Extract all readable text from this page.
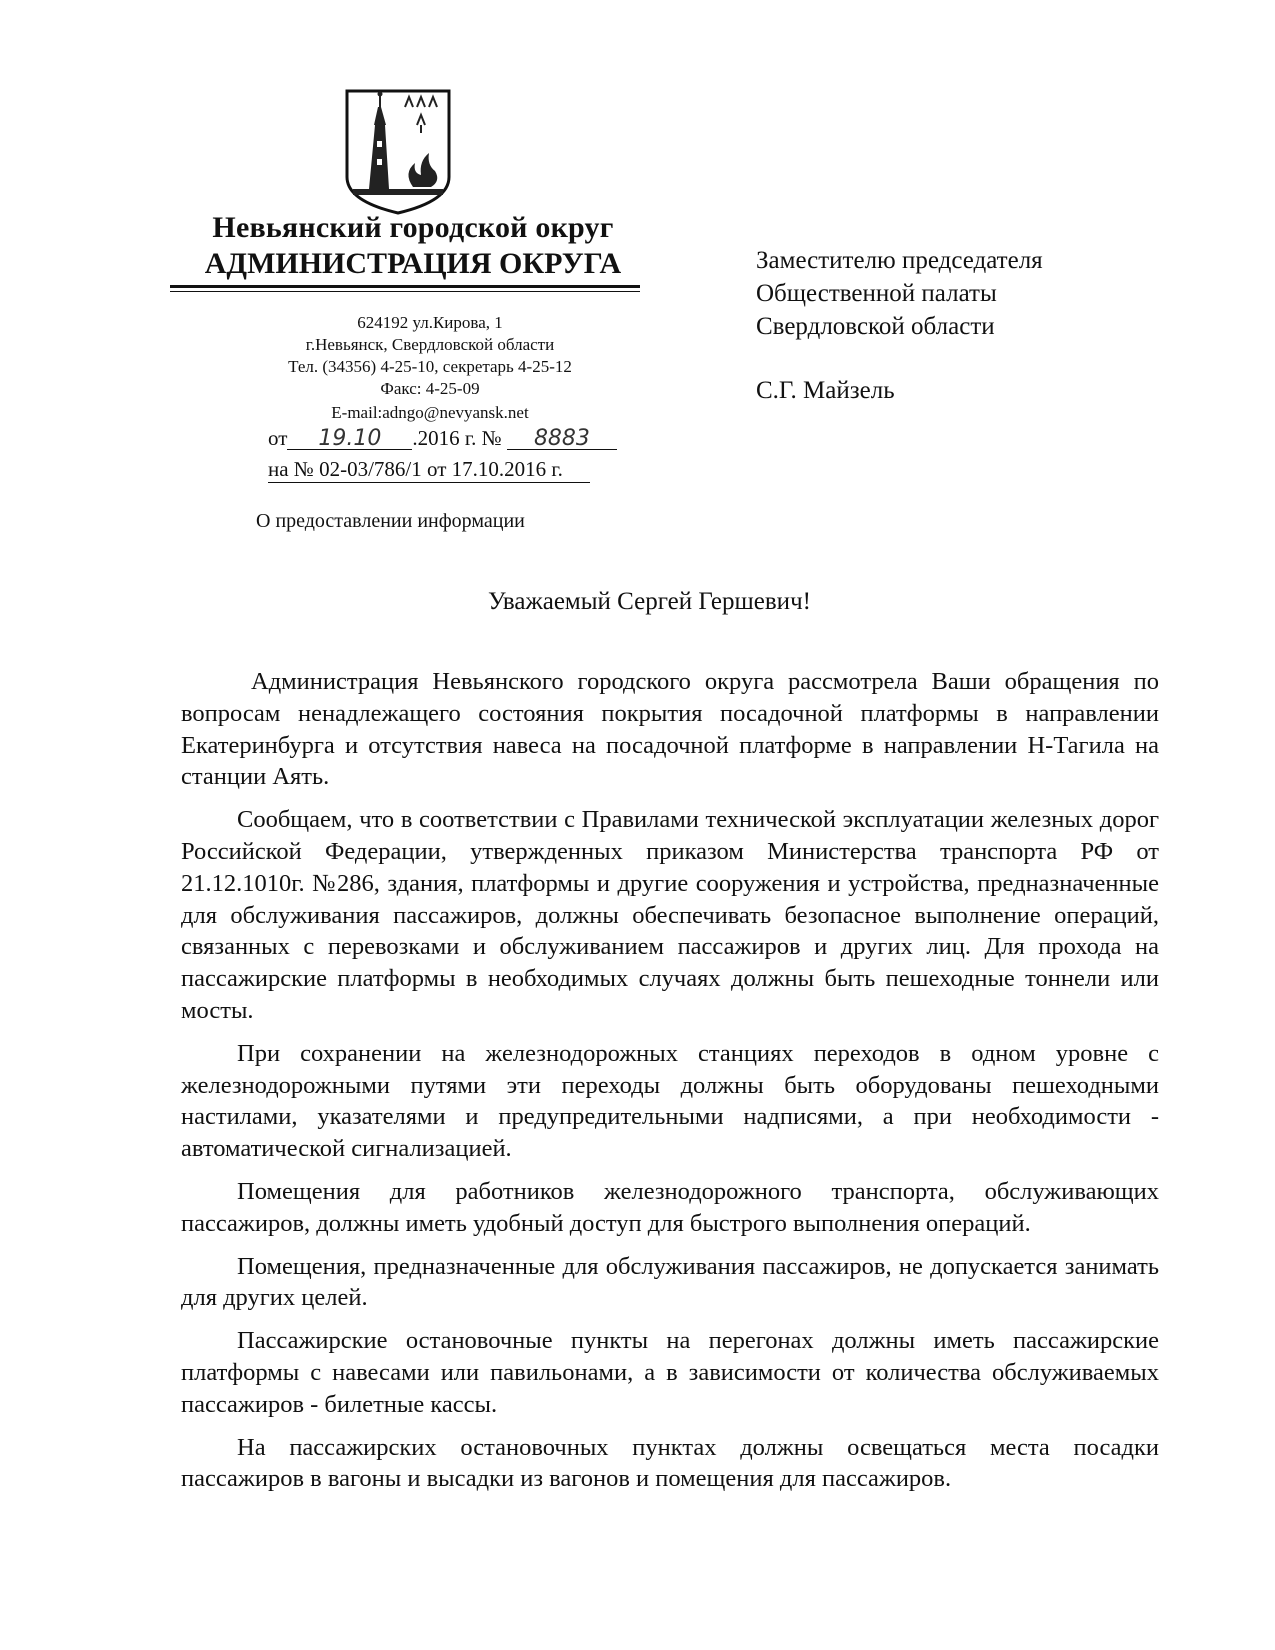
Невьянский городской округ
АДМИНИСТРАЦИЯ ОКРУГА
624192 ул.Кирова, 1
г.Невьянск, Свердловской области
Тел. (34356) 4-25-10, секретарь 4-25-12
Факс: 4-25-09
E-mail:adngo@nevyansk.net
от 19.10 .2016 г. № 8883
на № 02-03/786/1 от 17.10.2016 г.
О предоставлении информации
Заместителю председателя
Общественной палаты
Свердловской области
С.Г. Майзель
Уважаемый Сергей Гершевич!

Администрация Невьянского городского округа рассмотрела Ваши обращения по вопросам ненадлежащего состояния покрытия посадочной платформы в направлении Екатеринбурга и отсутствия навеса на посадочной платформе в направлении Н-Тагила на станции Аять.

Сообщаем, что в соответствии с Правилами технической эксплуатации железных дорог Российской Федерации, утвержденных приказом Министерства транспорта РФ от 21.12.1010г. №286, здания, платформы и другие сооружения и устройства, предназначенные для обслуживания пассажиров, должны обеспечивать безопасное выполнение операций, связанных с перевозками и обслуживанием пассажиров и других лиц. Для прохода на пассажирские платформы в необходимых случаях должны быть пешеходные тоннели или мосты.

При сохранении на железнодорожных станциях переходов в одном уровне с железнодорожными путями эти переходы должны быть оборудованы пешеходными настилами, указателями и предупредительными надписями, а при необходимости - автоматической сигнализацией.

Помещения для работников железнодорожного транспорта, обслуживающих пассажиров, должны иметь удобный доступ для быстрого выполнения операций.

Помещения, предназначенные для обслуживания пассажиров, не допускается занимать для других целей.

Пассажирские остановочные пункты на перегонах должны иметь пассажирские платформы с навесами или павильонами, а в зависимости от количества обслуживаемых пассажиров - билетные кассы.

На пассажирских остановочных пунктах должны освещаться места посадки пассажиров в вагоны и высадки из вагонов и помещения для пассажиров.
